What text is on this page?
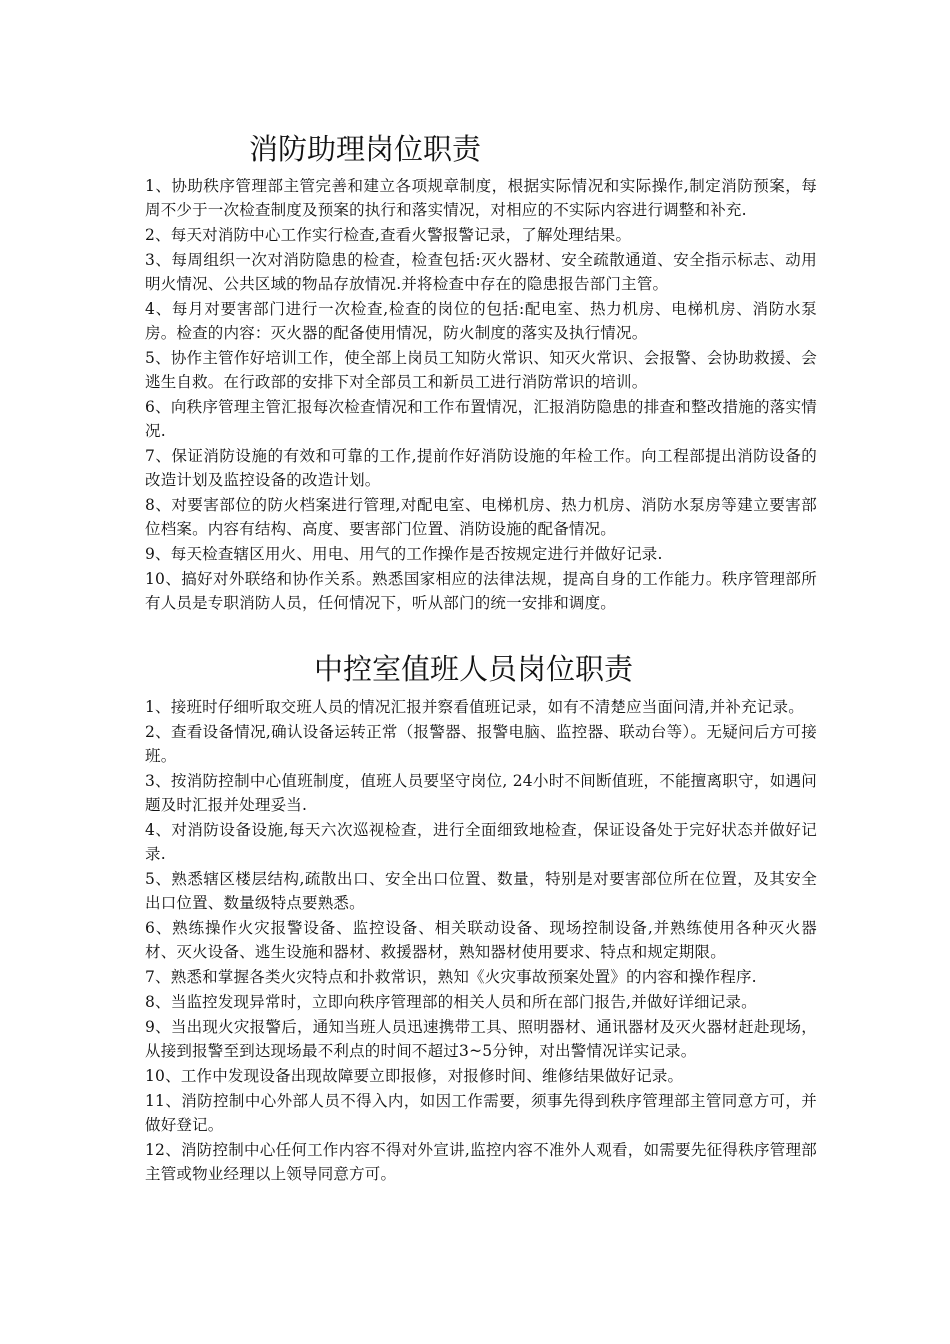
消防助理岗位职责

1、协助秩序管理部主管完善和建立各项规章制度，根据实际情况和实际操作,制定消防预案，每周不少于一次检查制度及预案的执行和落实情况，对相应的不实际内容进行调整和补充.

2、每天对消防中心工作实行检查,查看火警报警记录，了解处理结果。

3、每周组织一次对消防隐患的检查，检查包括:灭火器材、安全疏散通道、安全指示标志、动用明火情况、公共区域的物品存放情况.并将检查中存在的隐患报告部门主管。

4、每月对要害部门进行一次检查,检查的岗位的包括:配电室、热力机房、电梯机房、消防水泵房。检查的内容：灭火器的配备使用情况，防火制度的落实及执行情况。

5、协作主管作好培训工作，使全部上岗员工知防火常识、知灭火常识、会报警、会协助救援、会逃生自救。在行政部的安排下对全部员工和新员工进行消防常识的培训。

6、向秩序管理主管汇报每次检查情况和工作布置情况，汇报消防隐患的排查和整改措施的落实情况.

7、保证消防设施的有效和可靠的工作,提前作好消防设施的年检工作。向工程部提出消防设备的改造计划及监控设备的改造计划。

8、对要害部位的防火档案进行管理,对配电室、电梯机房、热力机房、消防水泵房等建立要害部位档案。内容有结构、高度、要害部门位置、消防设施的配备情况。

9、每天检查辖区用火、用电、用气的工作操作是否按规定进行并做好记录.

10、搞好对外联络和协作关系。熟悉国家相应的法律法规，提高自身的工作能力。秩序管理部所有人员是专职消防人员，任何情况下，听从部门的统一安排和调度。

中控室值班人员岗位职责

1、接班时仔细听取交班人员的情况汇报并察看值班记录，如有不清楚应当面问清,并补充记录。

2、查看设备情况,确认设备运转正常（报警器、报警电脑、监控器、联动台等）。无疑问后方可接班。

3、按消防控制中心值班制度，值班人员要坚守岗位, 24小时不间断值班，不能擅离职守，如遇问题及时汇报并处理妥当.

4、对消防设备设施,每天六次巡视检查，进行全面细致地检查，保证设备处于完好状态并做好记录.

5、熟悉辖区楼层结构,疏散出口、安全出口位置、数量，特别是对要害部位所在位置，及其安全出口位置、数量级特点要熟悉。

6、熟练操作火灾报警设备、监控设备、相关联动设备、现场控制设备,并熟练使用各种灭火器材、灭火设备、逃生设施和器材、救援器材，熟知器材使用要求、特点和规定期限。

7、熟悉和掌握各类火灾特点和扑救常识，熟知《火灾事故预案处置》的内容和操作程序.

8、当监控发现异常时，立即向秩序管理部的相关人员和所在部门报告,并做好详细记录。

9、当出现火灾报警后，通知当班人员迅速携带工具、照明器材、通讯器材及灭火器材赶赴现场，从接到报警至到达现场最不利点的时间不超过3~5分钟，对出警情况详实记录。

10、工作中发现设备出现故障要立即报修，对报修时间、维修结果做好记录。

11、消防控制中心外部人员不得入内，如因工作需要，须事先得到秩序管理部主管同意方可，并做好登记。

12、消防控制中心任何工作内容不得对外宣讲,监控内容不准外人观看，如需要先征得秩序管理部主管或物业经理以上领导同意方可。
